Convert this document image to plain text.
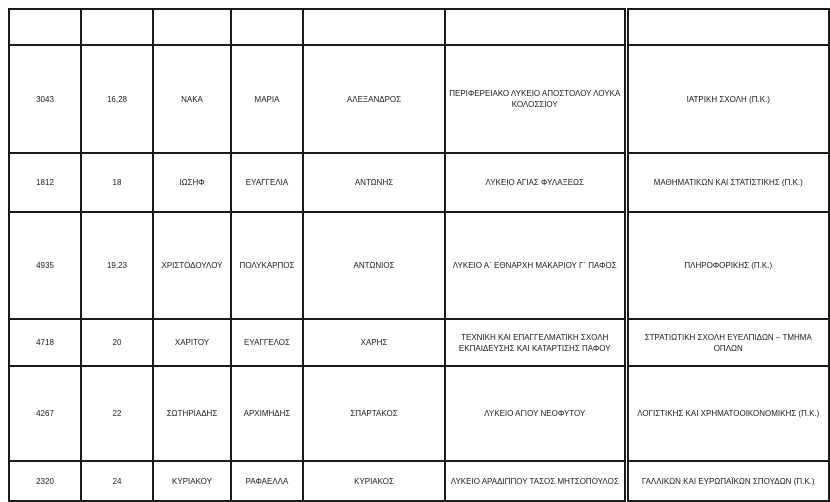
3043	16,28	ΝΑΚΑ	ΜΑΡΙΑ	ΑΛΕΞΑΝΔΡΟΣ	ΠΕΡΙΦΕΡΕΙΑΚΟ ΛΥΚΕΙΟ ΑΠΟΣΤΟΛΟΥ ΛΟΥΚΑ ΚΟΛΟΣΣΙΟΥ	ΙΑΤΡΙΚΗ ΣΧΟΛΗ (Π.Κ.)
1812	18	ΙΩΣΗΦ	ΕΥΑΓΓΕΛΙΑ	ΑΝΤΩΝΗΣ	ΛΥΚΕΙΟ ΑΓΙΑΣ ΦΥΛΑΞΕΩΣ	ΜΑΘΗΜΑΤΙΚΩΝ ΚΑΙ ΣΤΑΤΙΣΤΙΚΗΣ (Π.Κ.)
4935	19,23	ΧΡΙΣΤΟΔΟΥΛΟΥ	ΠΟΛΥΚΑΡΠΟΣ	ΑΝΤΩΝΙΟΣ	ΛΥΚΕΙΟ Α΄ ΕΘΝΑΡΧΗ ΜΑΚΑΡΙΟΥ Γ΄ ΠΑΦΟΣ	ΠΛΗΡΟΦΟΡΙΚΗΣ (Π.Κ.)
4718	20	ΧΑΡΙΤΟΥ	ΕΥΑΓΓΕΛΟΣ	ΧΑΡΗΣ	ΤΕΧΝΙΚΗ ΚΑΙ ΕΠΑΓΓΕΛΜΑΤΙΚΗ ΣΧΟΛΗ ΕΚΠΑΙΔΕΥΣΗΣ ΚΑΙ ΚΑΤΑΡΤΙΣΗΣ ΠΑΦΟΥ	ΣΤΡΑΤΙΩΤΙΚΗ ΣΧΟΛΗ ΕΥΕΛΠΙΔΩΝ – ΤΜΗΜΑ ΟΠΛΩΝ
4267	22	ΣΩΤΗΡΙΑΔΗΣ	ΑΡΧΙΜΗΔΗΣ	ΣΠΑΡΤΑΚΟΣ	ΛΥΚΕΙΟ ΑΓΙΟΥ ΝΕΟΦΥΤΟΥ	ΛΟΓΙΣΤΙΚΗΣ ΚΑΙ ΧΡΗΜΑΤΟΟΙΚΟΝΟΜΙΚΗΣ (Π.Κ.)
2320	24	ΚΥΡΙΑΚΟΥ	ΡΑΦΑΕΛΛΑ	ΚΥΡΙΑΚΟΣ	ΛΥΚΕΙΟ ΑΡΑΔΙΠΠΟΥ ΤΑΣΟΣ ΜΗΤΣΟΠΟΥΛΟΣ	ΓΑΛΛΙΚΩΝ ΚΑΙ ΕΥΡΩΠΑΪΚΩΝ ΣΠΟΥΔΩΝ (Π.Κ.)
